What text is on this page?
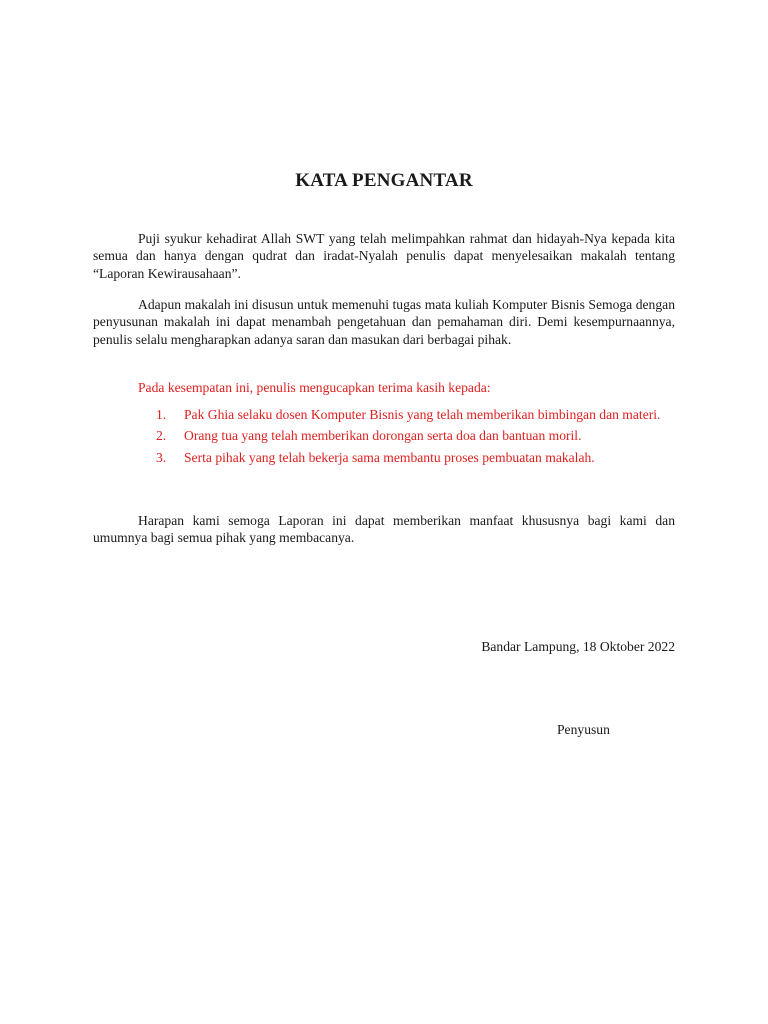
KATA PENGANTAR

Puji syukur kehadirat Allah SWT yang telah melimpahkan rahmat dan hidayah-Nya kepada kita semua dan hanya dengan qudrat dan iradat-Nyalah penulis dapat menyelesaikan makalah tentang “Laporan Kewirausahaan”.

Adapun makalah ini disusun untuk memenuhi tugas mata kuliah Komputer Bisnis Semoga dengan penyusunan makalah ini dapat menambah pengetahuan dan pemahaman diri. Demi kesempurnaannya, penulis selalu mengharapkan adanya saran dan masukan dari berbagai pihak.

Pada kesempatan ini, penulis mengucapkan terima kasih kepada:

1. Pak Ghia selaku dosen Komputer Bisnis yang telah memberikan bimbingan dan materi.
2. Orang tua yang telah memberikan dorongan serta doa dan bantuan moril.
3. Serta pihak yang telah bekerja sama membantu proses pembuatan makalah.

Harapan kami semoga Laporan ini dapat memberikan manfaat khususnya bagi kami dan umumnya bagi semua pihak yang membacanya.

Bandar Lampung, 18 Oktober 2022
Penyusun
